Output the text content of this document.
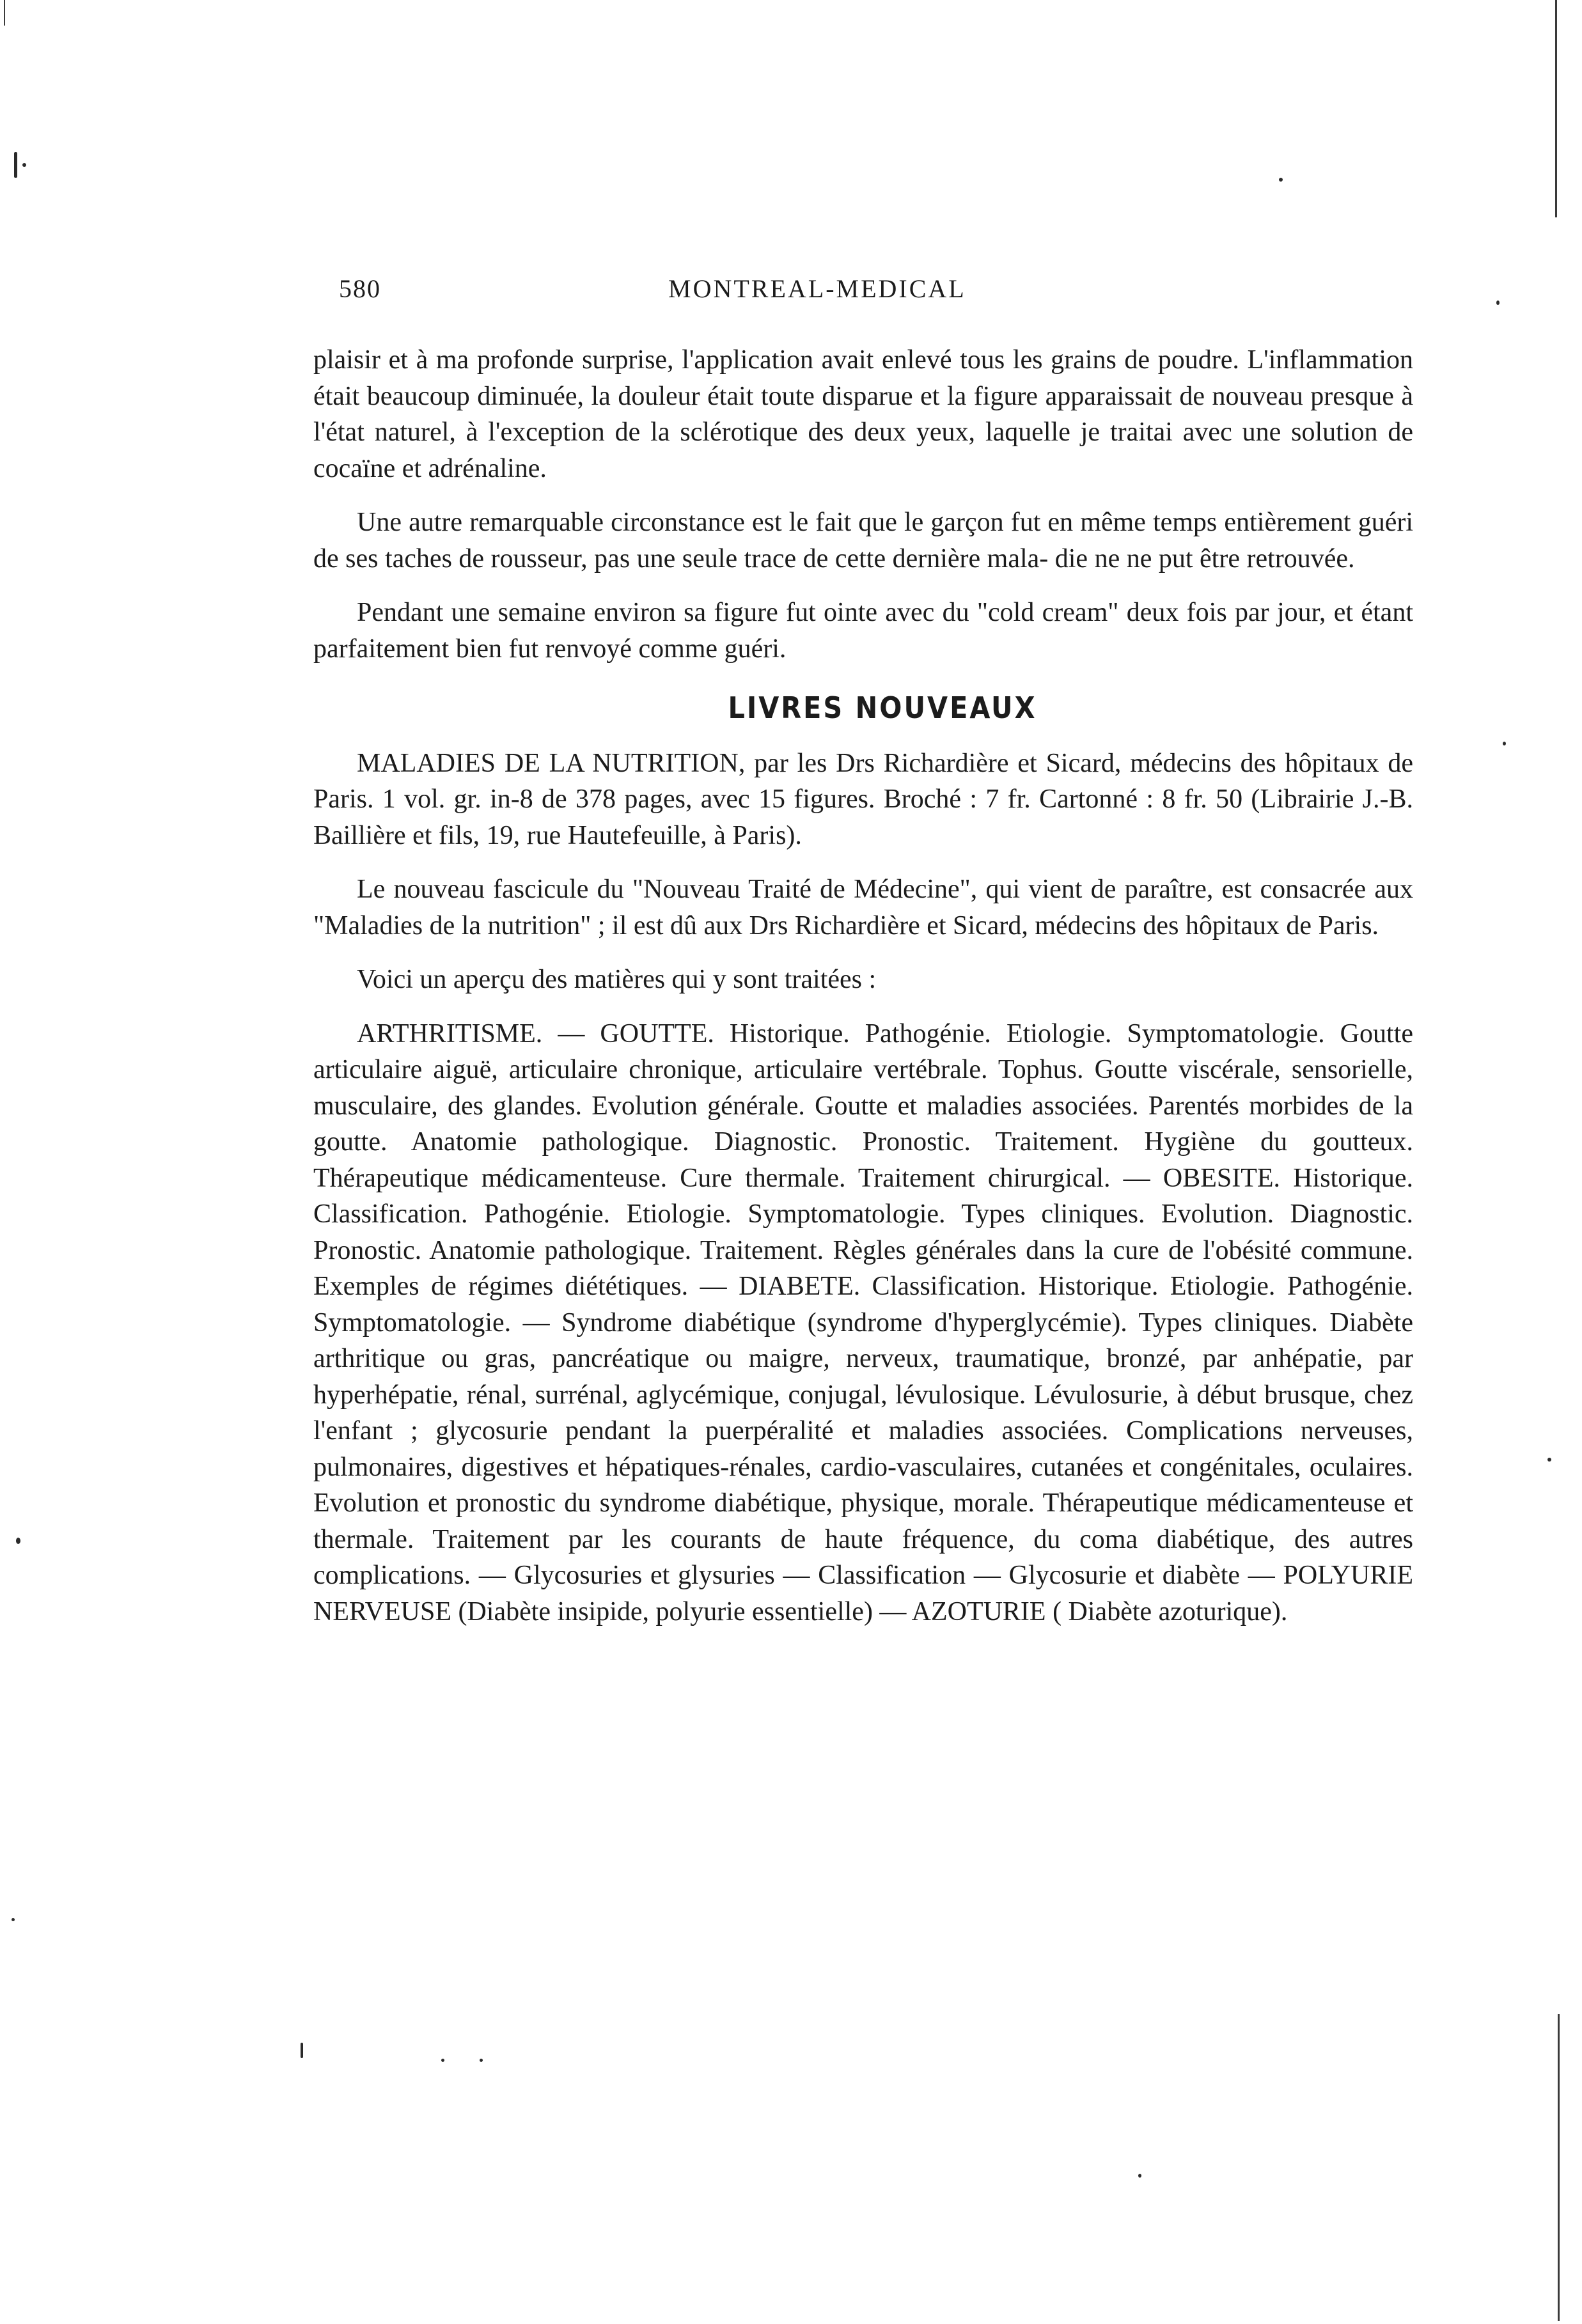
580	MONTREAL-MEDICAL

plaisir et à ma profonde surprise, l'application avait enlevé tous les grains de poudre. L'inflammation était beaucoup diminuée, la douleur était toute disparue et la figure apparaissait de nouveau presque à l'état naturel, à l'exception de la sclérotique des deux yeux, laquelle je traitai avec une solution de cocaïne et adrénaline.

Une autre remarquable circonstance est le fait que le garçon fut en même temps entièrement guéri de ses taches de rousseur, pas une seule trace de cette dernière mala- die ne ne put être retrouvée.

Pendant une semaine environ sa figure fut ointe avec du "cold cream" deux fois par jour, et étant parfaitement bien fut renvoyé comme guéri.

LIVRES NOUVEAUX

MALADIES DE LA NUTRITION, par les Drs Richardière et Sicard, médecins des hôpitaux de Paris. 1 vol. gr. in-8 de 378 pages, avec 15 figures. Broché : 7 fr. Cartonné : 8 fr. 50 (Librairie J.-B. Baillière et fils, 19, rue Hautefeuille, à Paris).

Le nouveau fascicule du "Nouveau Traité de Médecine", qui vient de paraître, est consacrée aux "Maladies de la nutrition" ; il est dû aux Drs Richardière et Sicard, médecins des hôpitaux de Paris.

Voici un aperçu des matières qui y sont traitées :

ARTHRITISME. — GOUTTE. Historique. Pathogénie. Etiologie. Symptomatologie. Goutte articulaire aiguë, articulaire chronique, articulaire vertébrale. Tophus. Goutte viscérale, sensorielle, musculaire, des glandes. Evolution générale. Goutte et maladies associées. Parentés morbides de la goutte. Anatomie pathologique. Diagnostic. Pronostic. Traitement. Hygiène du goutteux. Thérapeutique médicamenteuse. Cure thermale. Traitement chirurgical. — OBESITE. Historique. Classification. Pathogénie. Etiologie. Symptomatologie. Types cliniques. Evolution. Diagnostic. Pronostic. Anatomie pathologique. Traitement. Règles générales dans la cure de l'obésité commune. Exemples de régimes diététiques. — DIABETE. Classification. Historique. Etiologie. Pathogénie. Symptomatologie. — Syndrome diabétique (syndrome d'hyperglycémie). Types cliniques. Diabète arthritique ou gras, pancréatique ou maigre, nerveux, traumatique, bronzé, par anhépatie, par hyperhépatie, rénal, surrénal, aglycémique, conjugal, lévulosique. Lévulosurie, à début brusque, chez l'enfant ; glycosurie pendant la puerpéralité et maladies associées. Complications nerveuses, pulmonaires, digestives et hépatiques-rénales, cardio-vasculaires, cutanées et congénitales, oculaires. Evolution et pronostic du syndrome diabétique, physique, morale. Thérapeutique médicamenteuse et thermale. Traitement par les courants de haute fréquence, du coma diabétique, des autres complications. — Glycosuries et glysuries — Classification — Glycosurie et diabète — POLYURIE NERVEUSE (Diabète insipide, polyurie essentielle) — AZOTURIE ( Diabète azoturique).
